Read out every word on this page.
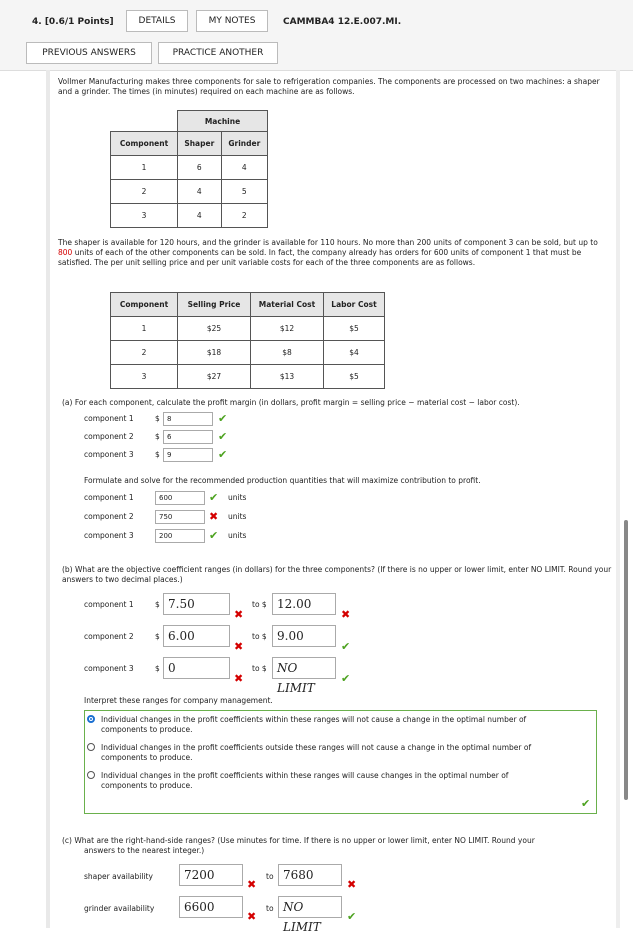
4. [0.6/1 Points]	DETAILS	MY NOTES	CAMMBA4 12.E.007.MI.
PREVIOUS ANSWERS	PRACTICE ANOTHER
Vollmer Manufacturing makes three components for sale to refrigeration companies. The components are processed on two machines: a shaper and a grinder. The times (in minutes) required on each machine are as follows.
	Machine	
Component	Shaper	Grinder
1	6	4
2	4	5
3	4	2
The shaper is available for 120 hours, and the grinder is available for 110 hours. No more than 200 units of component 3 can be sold, but up to 800 units of each of the other components can be sold. In fact, the company already has orders for 600 units of component 1 that must be satisfied. The per unit selling price and per unit variable costs for each of the three components are as follows.
Component	Selling Price	Material Cost	Labor Cost
1	$25	$12	$5
2	$18	$8	$4
3	$27	$13	$5
(a) For each component, calculate the profit margin (in dollars, profit margin = selling price − material cost − labor cost).
component 1	$	8	✔
component 2	$	6	✔
component 3	$	9	✔
Formulate and solve for the recommended production quantities that will maximize contribution to profit.
component 1	600	✔ units
component 2	750	✖ units
component 3	200	✔ units
(b) What are the objective coefficient ranges (in dollars) for the three components? (If there is no upper or lower limit, enter NO LIMIT. Round your answers to two decimal places.)
component 1	$ 7.50
✖
to $ 12.00
✖
component 2	$ 6.00
✖
to $ 9.00
✔
component 3	$ 0
✖
to $ NO LIMIT
✔
Interpret these ranges for company management.
Individual changes in the profit coefficients within these ranges will not cause a change in the optimal number of
components to produce.
Individual changes in the profit coefficients outside these ranges will not cause a change in the optimal number of
components to produce.
Individual changes in the profit coefficients within these ranges will cause changes in the optimal number of
components to produce.
✔
(c) What are the right-hand-side ranges? (Use minutes for time. If there is no upper or lower limit, enter NO LIMIT. Round your
answers to the nearest integer.)
shaper availability	7200
✖
to 7680
✖
grinder availability	6600
✖
to NO LIMIT
✔
